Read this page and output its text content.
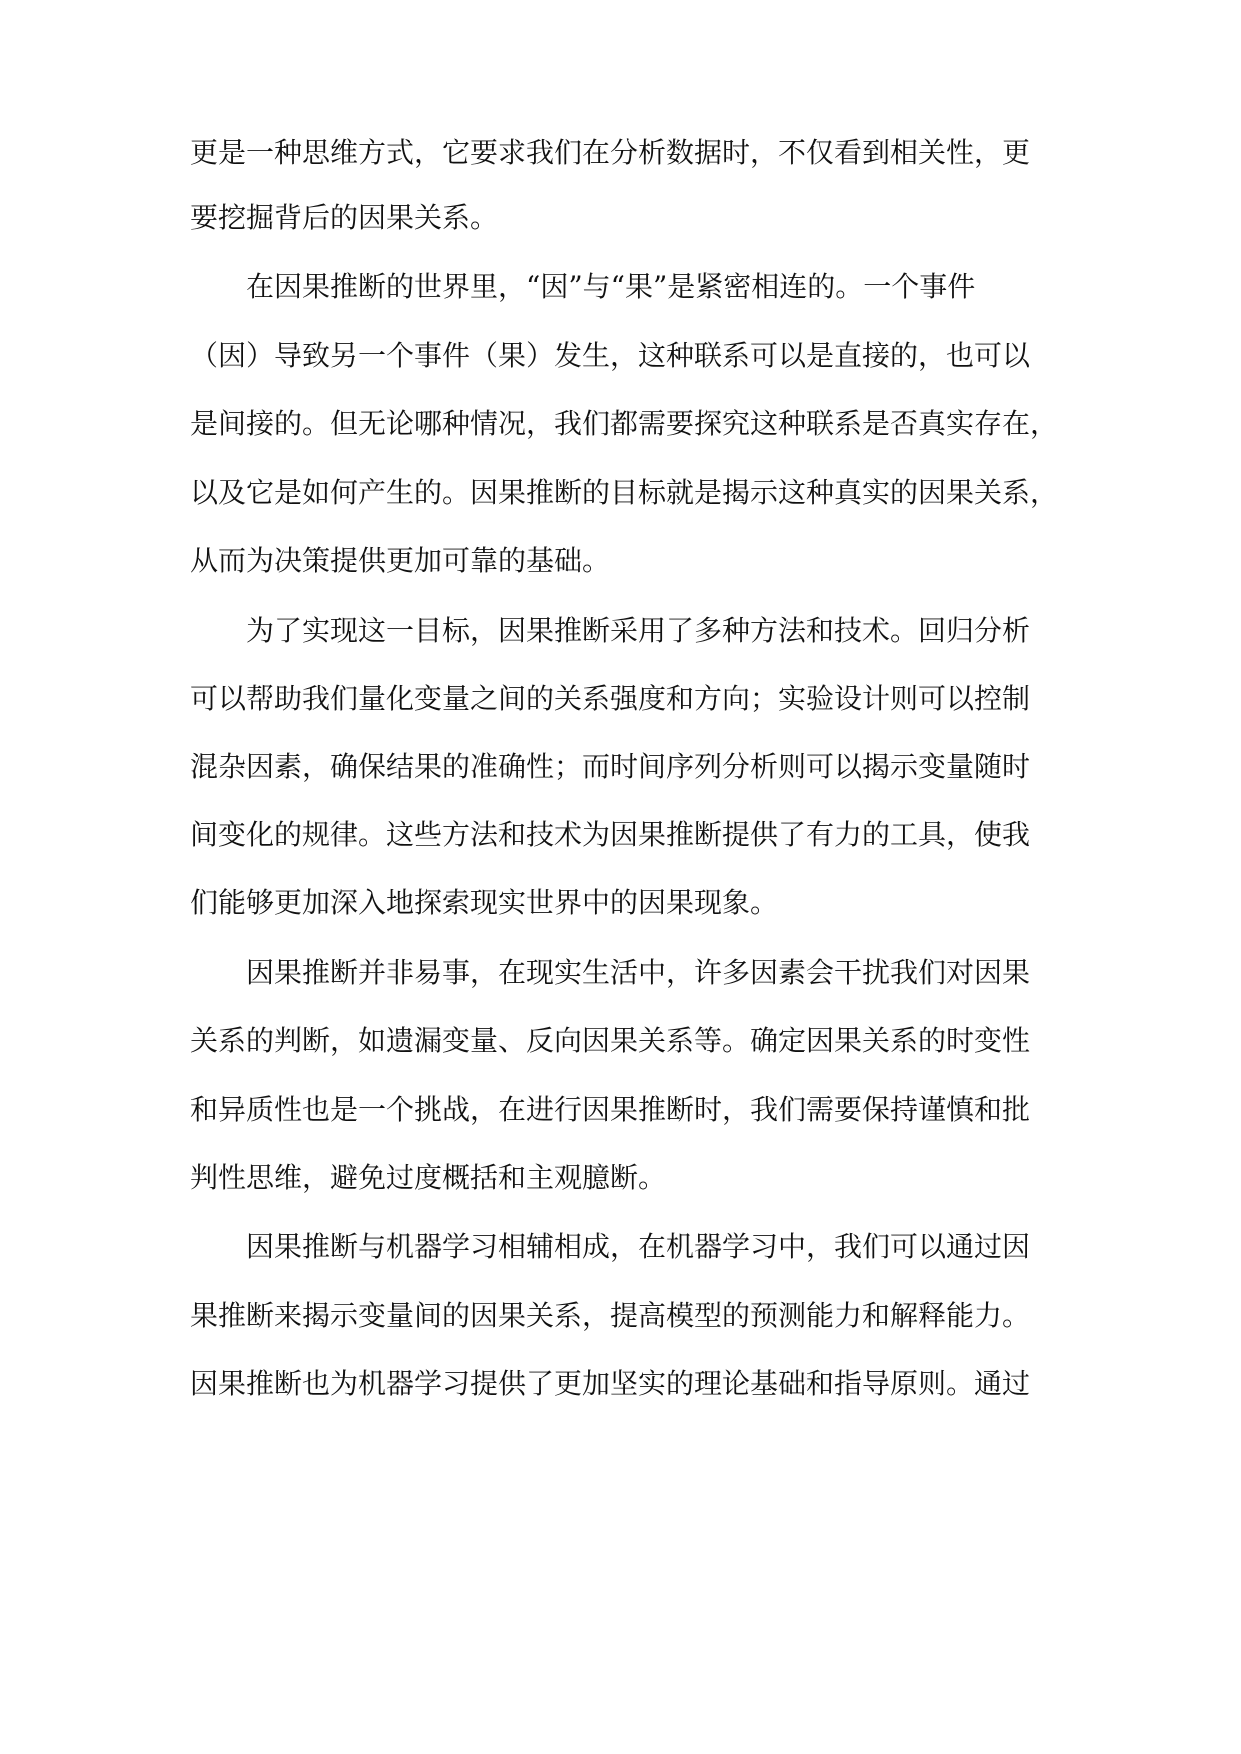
更是一种思维方式，它要求我们在分析数据时，不仅看到相关性，更
要挖掘背后的因果关系。
在因果推断的世界里，“因”与“果”是紧密相连的。一个事件
（因）导致另一个事件（果）发生，这种联系可以是直接的，也可以
是间接的。但无论哪种情况，我们都需要探究这种联系是否真实存在，
以及它是如何产生的。因果推断的目标就是揭示这种真实的因果关系，
从而为决策提供更加可靠的基础。
为了实现这一目标，因果推断采用了多种方法和技术。回归分析
可以帮助我们量化变量之间的关系强度和方向；实验设计则可以控制
混杂因素，确保结果的准确性；而时间序列分析则可以揭示变量随时
间变化的规律。这些方法和技术为因果推断提供了有力的工具，使我
们能够更加深入地探索现实世界中的因果现象。
因果推断并非易事，在现实生活中，许多因素会干扰我们对因果
关系的判断，如遗漏变量、反向因果关系等。确定因果关系的时变性
和异质性也是一个挑战，在进行因果推断时，我们需要保持谨慎和批
判性思维，避免过度概括和主观臆断。
因果推断与机器学习相辅相成，在机器学习中，我们可以通过因
果推断来揭示变量间的因果关系，提高模型的预测能力和解释能力。
因果推断也为机器学习提供了更加坚实的理论基础和指导原则。通过
